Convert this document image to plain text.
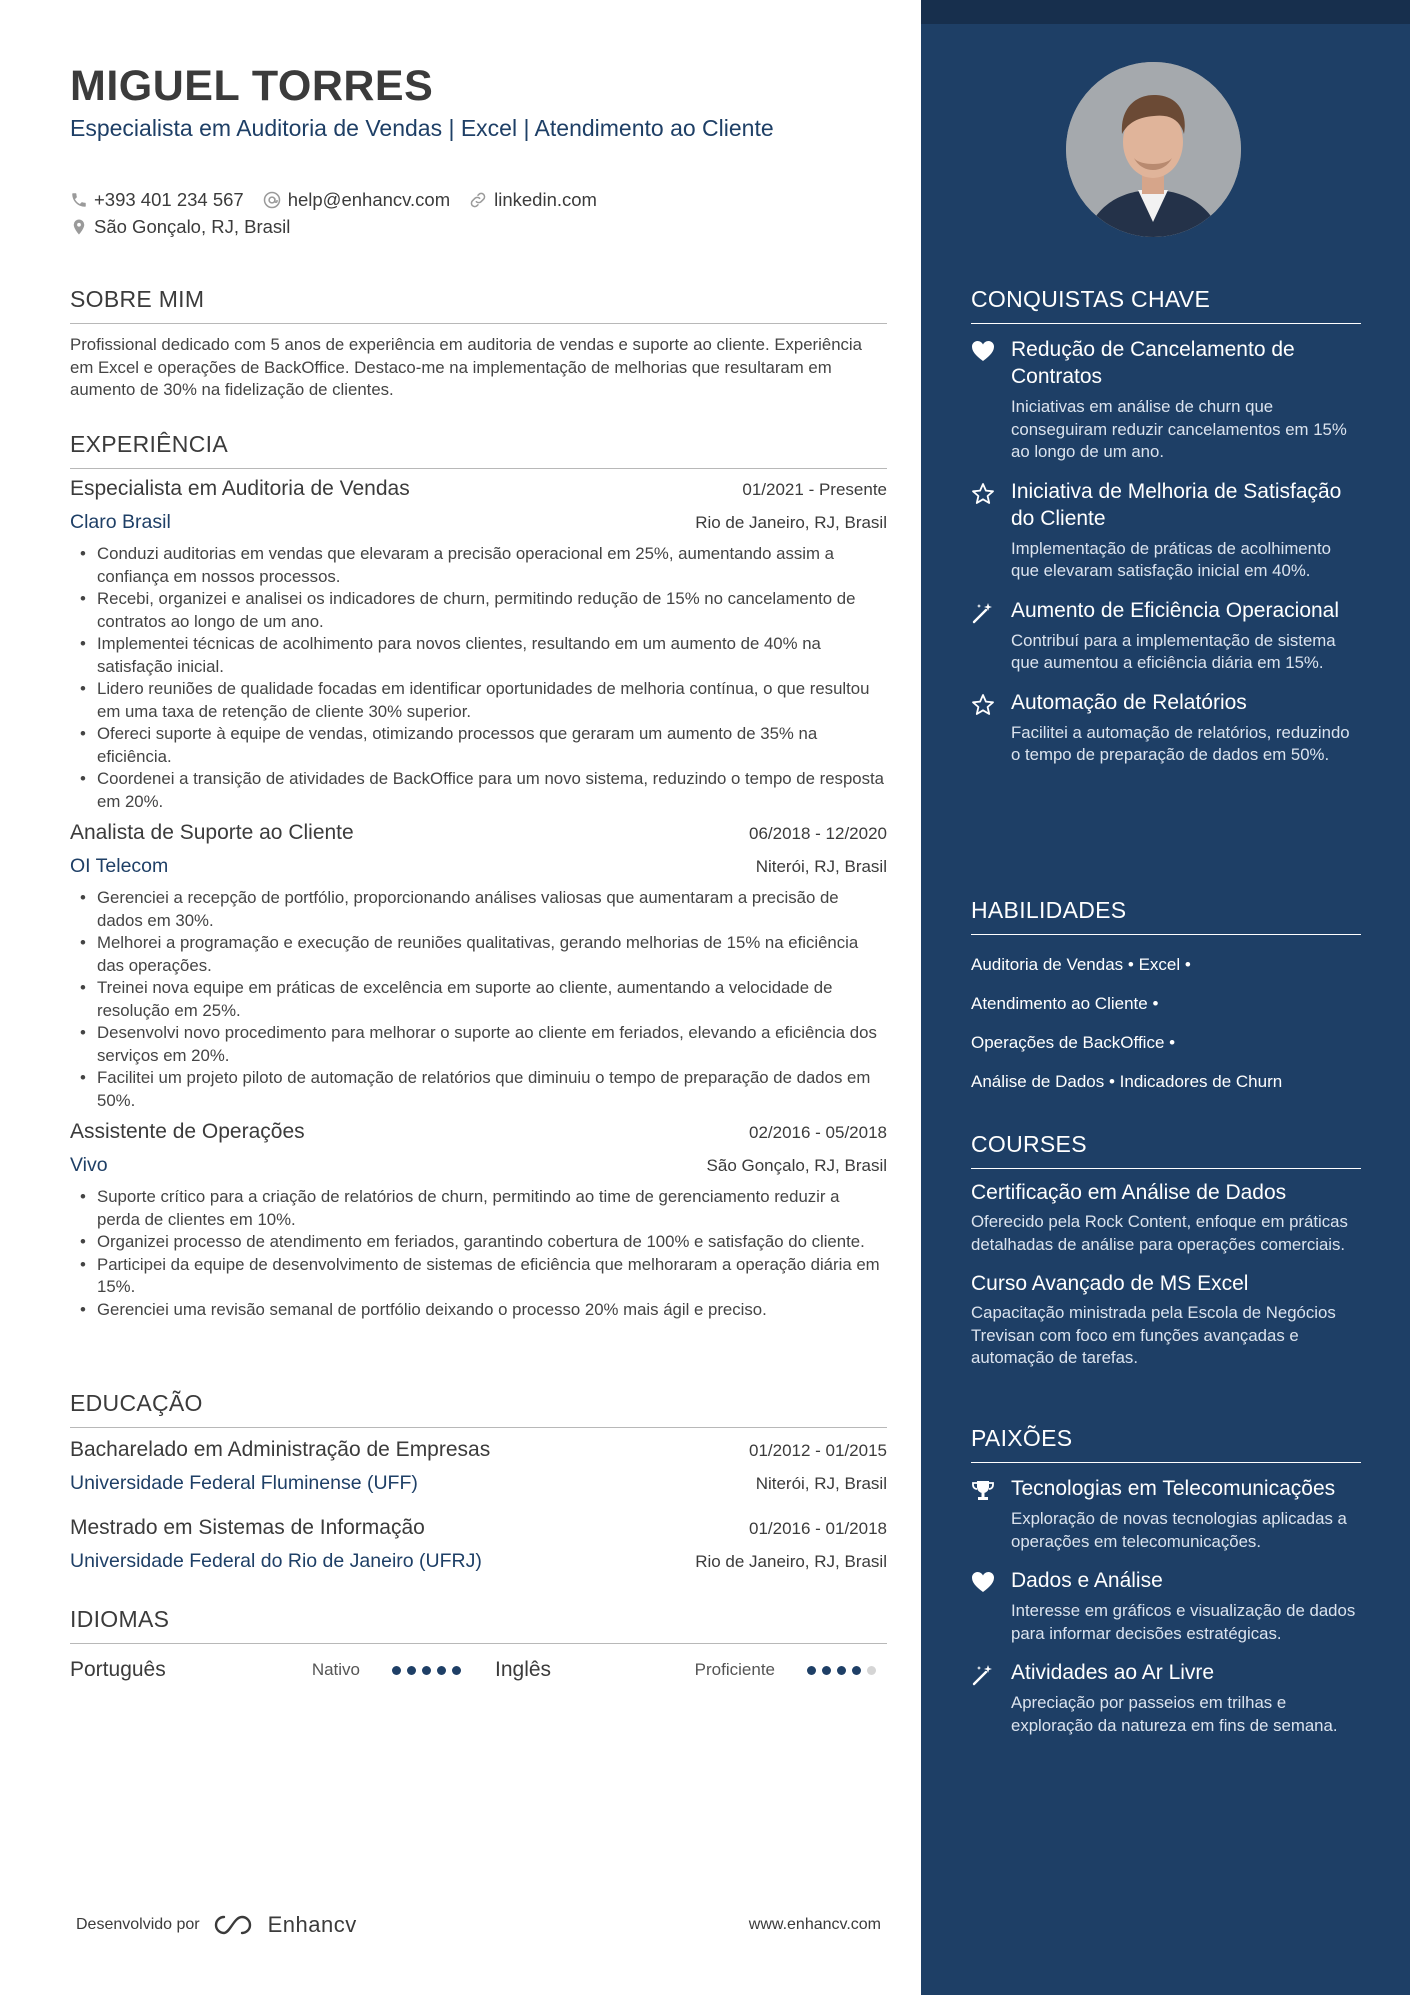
MIGUEL TORRES
Especialista em Auditoria de Vendas | Excel | Atendimento ao Cliente
+393 401 234 567 help@enhancv.com linkedin.com
São Gonçalo, RJ, Brasil
SOBRE MIM
Profissional dedicado com 5 anos de experiência em auditoria de vendas e suporte ao cliente. Experiência em Excel e operações de BackOffice. Destaco-me na implementação de melhorias que resultaram em aumento de 30% na fidelização de clientes.
EXPERIÊNCIA
Especialista em Auditoria de Vendas	01/2021 - Presente
Claro Brasil	Rio de Janeiro, RJ, Brasil
• Conduzi auditorias em vendas que elevaram a precisão operacional em 25%, aumentando assim a confiança em nossos processos.
• Recebi, organizei e analisei os indicadores de churn, permitindo redução de 15% no cancelamento de contratos ao longo de um ano.
• Implementei técnicas de acolhimento para novos clientes, resultando em um aumento de 40% na satisfação inicial.
• Lidero reuniões de qualidade focadas em identificar oportunidades de melhoria contínua, o que resultou em uma taxa de retenção de cliente 30% superior.
• Ofereci suporte à equipe de vendas, otimizando processos que geraram um aumento de 35% na eficiência.
• Coordenei a transição de atividades de BackOffice para um novo sistema, reduzindo o tempo de resposta em 20%.
Analista de Suporte ao Cliente	06/2018 - 12/2020
OI Telecom	Niterói, RJ, Brasil
• Gerenciei a recepção de portfólio, proporcionando análises valiosas que aumentaram a precisão de dados em 30%.
• Melhorei a programação e execução de reuniões qualitativas, gerando melhorias de 15% na eficiência das operações.
• Treinei nova equipe em práticas de excelência em suporte ao cliente, aumentando a velocidade de resolução em 25%.
• Desenvolvi novo procedimento para melhorar o suporte ao cliente em feriados, elevando a eficiência dos serviços em 20%.
• Facilitei um projeto piloto de automação de relatórios que diminuiu o tempo de preparação de dados em 50%.
Assistente de Operações	02/2016 - 05/2018
Vivo	São Gonçalo, RJ, Brasil
• Suporte crítico para a criação de relatórios de churn, permitindo ao time de gerenciamento reduzir a perda de clientes em 10%.
• Organizei processo de atendimento em feriados, garantindo cobertura de 100% e satisfação do cliente.
• Participei da equipe de desenvolvimento de sistemas de eficiência que melhoraram a operação diária em 15%.
• Gerenciei uma revisão semanal de portfólio deixando o processo 20% mais ágil e preciso.
EDUCAÇÃO
Bacharelado em Administração de Empresas	01/2012 - 01/2015
Universidade Federal Fluminense (UFF)	Niterói, RJ, Brasil
Mestrado em Sistemas de Informação	01/2016 - 01/2018
Universidade Federal do Rio de Janeiro (UFRJ)	Rio de Janeiro, RJ, Brasil
IDIOMAS
Português	Nativo	Inglês	Proficiente
Desenvolvido por	Enhancv	www.enhancv.com
CONQUISTAS CHAVE
Redução de Cancelamento de Contratos
Iniciativas em análise de churn que conseguiram reduzir cancelamentos em 15% ao longo de um ano.
Iniciativa de Melhoria de Satisfação do Cliente
Implementação de práticas de acolhimento que elevaram satisfação inicial em 40%.
Aumento de Eficiência Operacional
Contribuí para a implementação de sistema que aumentou a eficiência diária em 15%.
Automação de Relatórios
Facilitei a automação de relatórios, reduzindo o tempo de preparação de dados em 50%.
HABILIDADES
Auditoria de Vendas • Excel •
Atendimento ao Cliente •
Operações de BackOffice •
Análise de Dados • Indicadores de Churn
COURSES
Certificação em Análise de Dados
Oferecido pela Rock Content, enfoque em práticas detalhadas de análise para operações comerciais.
Curso Avançado de MS Excel
Capacitação ministrada pela Escola de Negócios Trevisan com foco em funções avançadas e automação de tarefas.
PAIXÕES
Tecnologias em Telecomunicações
Exploração de novas tecnologias aplicadas a operações em telecomunicações.
Dados e Análise
Interesse em gráficos e visualização de dados para informar decisões estratégicas.
Atividades ao Ar Livre
Apreciação por passeios em trilhas e exploração da natureza em fins de semana.
